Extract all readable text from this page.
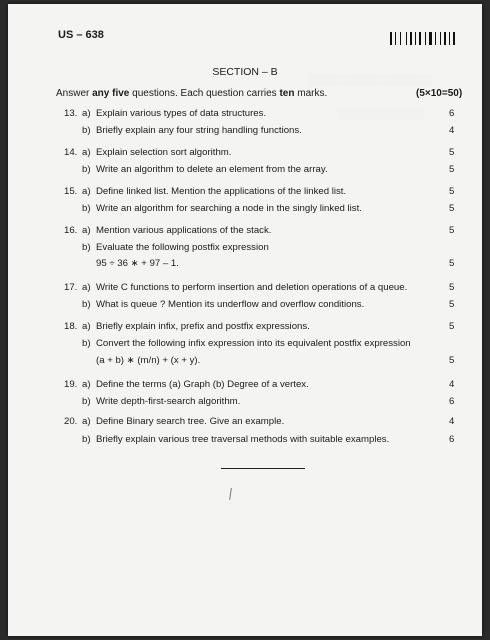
░░░░░░░░░░░░░░░░
░░░░░░░░░░░
US – 638
SECTION – B
Answer any five questions. Each question carries ten marks.	(5×10=50)
13. a) Explain various types of data structures.	6
b) Briefly explain any four string handling functions.	4
14. a) Explain selection sort algorithm.	5
b) Write an algorithm to delete an element from the array.	5
15. a) Define linked list. Mention the applications of the linked list.	5
b) Write an algorithm for searching a node in the singly linked list.	5
16. a) Mention various applications of the stack.	5
b) Evaluate the following postfix expression
95 ÷ 36 ∗ + 97 – 1.	5
17. a) Write C functions to perform insertion and deletion operations of a queue.	5
b) What is queue ? Mention its underflow and overflow conditions.	5
18. a) Briefly explain infix, prefix and postfix expressions.	5
b) Convert the following infix expression into its equivalent postfix expression
(a + b) ∗ (m/n) + (x + y).	5
19. a) Define the terms (a) Graph (b) Degree of a vertex.	4
b) Write depth-first-search algorithm.	6
20. a) Define Binary search tree. Give an example.	4
b) Briefly explain various tree traversal methods with suitable examples.	6
